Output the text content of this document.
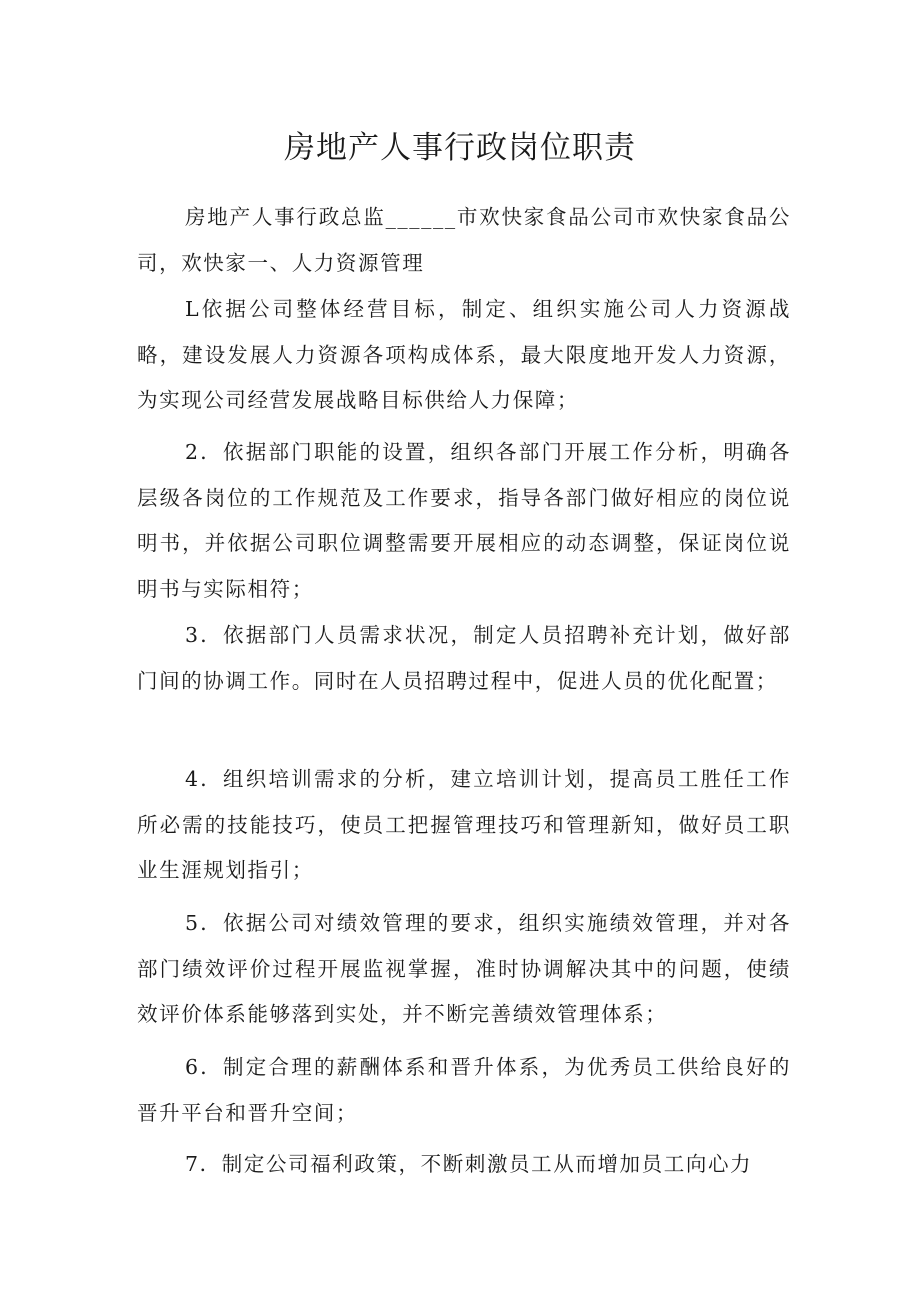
房地产人事行政岗位职责

房地产人事行政总监______市欢快家食品公司市欢快家食品公司，欢快家一、人力资源管理

L依据公司整体经营目标，制定、组织实施公司人力资源战略，建设发展人力资源各项构成体系，最大限度地开发人力资源，为实现公司经营发展战略目标供给人力保障；

2．依据部门职能的设置，组织各部门开展工作分析，明确各层级各岗位的工作规范及工作要求，指导各部门做好相应的岗位说明书，并依据公司职位调整需要开展相应的动态调整，保证岗位说明书与实际相符；

3．依据部门人员需求状况，制定人员招聘补充计划，做好部门间的协调工作。同时在人员招聘过程中，促进人员的优化配置；

4．组织培训需求的分析，建立培训计划，提高员工胜任工作所必需的技能技巧，使员工把握管理技巧和管理新知，做好员工职业生涯规划指引；

5．依据公司对绩效管理的要求，组织实施绩效管理，并对各部门绩效评价过程开展监视掌握，准时协调解决其中的问题，使绩效评价体系能够落到实处，并不断完善绩效管理体系；

6．制定合理的薪酬体系和晋升体系，为优秀员工供给良好的晋升平台和晋升空间；

7．制定公司福利政策，不断刺激员工从而增加员工向心力
